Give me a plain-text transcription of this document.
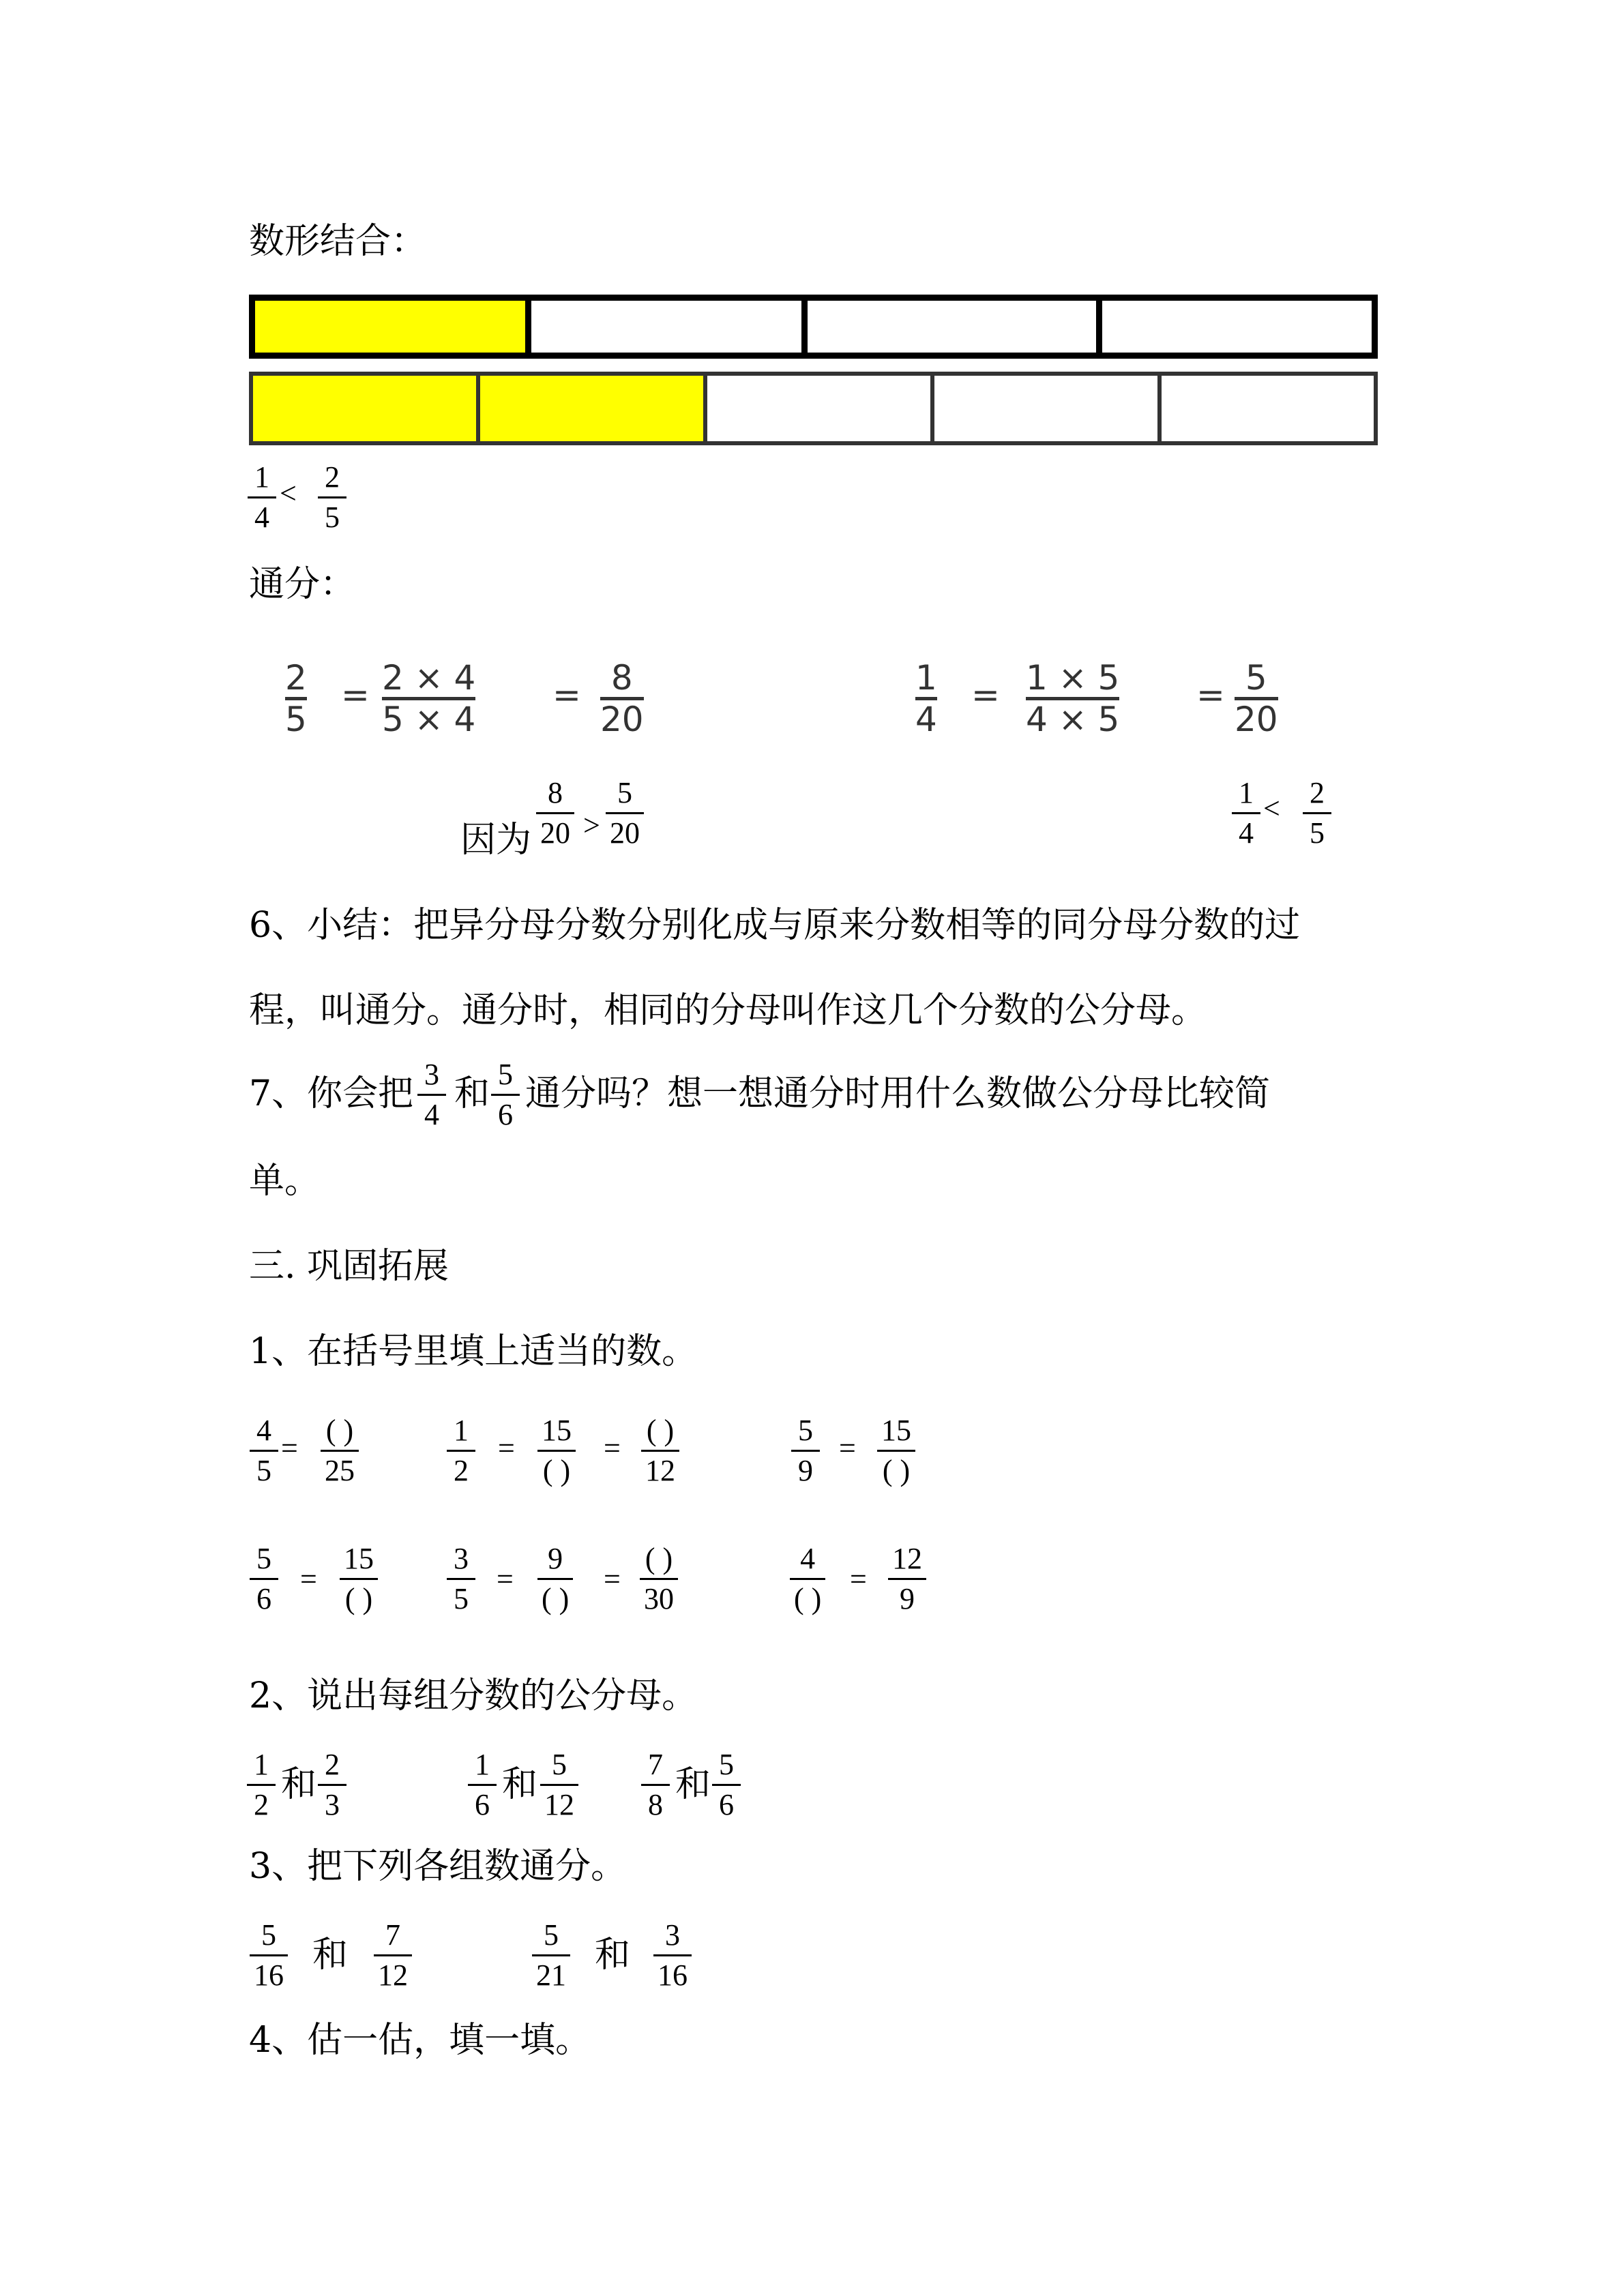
数形结合：
1
4
< 2
5
通分：
2
5
= 2 × 4
5 × 4
= 8
20
1
4
= 1 × 5
4 × 5
= 5
20
因为
8
20 >
5
20
1
4
< 2
5
6、小结：把异分母分数分别化成与原来分数相等的同分母分数的过
程，叫通分。通分时，相同的分母叫作这几个分数的公分母。
7、你会把 3
4
和 5
6
通分吗？想一想通分时用什么数做公分母比较简
单。
三. 巩固拓展
1、在括号里填上适当的数。
4
5
=
( )
25
1
2
=
15
( )
=
( )
12
5
9
=
15
( )
5
6
=
15
( )
3
5
=
9
( )
=
( )
30
4
( )
=
12
9
2、说出每组分数的公分母。
1
2 和 2
3
1
6 和 5
12
7
8 和 5
6
3、把下列各组数通分。
5
16 和 7
12
5
21 和 3
16
4、估一估，填一填。
